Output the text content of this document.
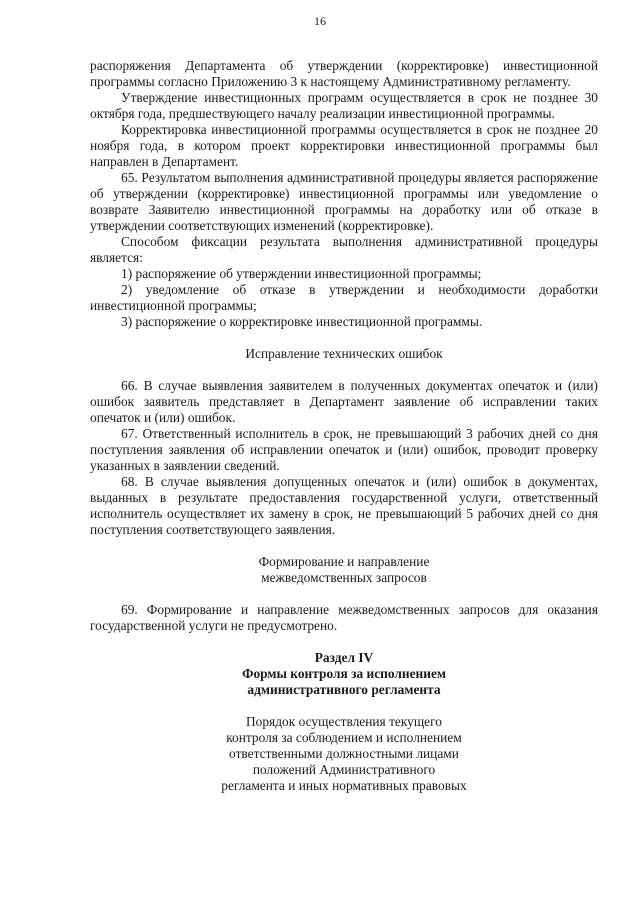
16

распоряжения Департамента об утверждении (корректировке) инвестиционной программы согласно Приложению 3 к настоящему Административному регламенту.

Утверждение инвестиционных программ осуществляется в срок не позднее 30 октября года, предшествующего началу реализации инвестиционной программы.

Корректировка инвестиционной программы осуществляется в срок не позднее 20 ноября года, в котором проект корректировки инвестиционной программы был направлен в Департамент.

65. Результатом выполнения административной процедуры является распоряжение об утверждении (корректировке) инвестиционной программы или уведомление о возврате Заявителю инвестиционной программы на доработку или об отказе в утверждении соответствующих изменений (корректировке).

Способом фиксации результата выполнения административной процедуры является:

1) распоряжение об утверждении инвестиционной программы;

2) уведомление об отказе в утверждении и необходимости доработки инвестиционной программы;

3) распоряжение о корректировке инвестиционной программы.

Исправление технических ошибок

66. В случае выявления заявителем в полученных документах опечаток и (или) ошибок заявитель представляет в Департамент заявление об исправлении таких опечаток и (или) ошибок.

67. Ответственный исполнитель в срок, не превышающий 3 рабочих дней со дня поступления заявления об исправлении опечаток и (или) ошибок, проводит проверку указанных в заявлении сведений.

68. В случае выявления допущенных опечаток и (или) ошибок в документах, выданных в результате предоставления государственной услуги, ответственный исполнитель осуществляет их замену в срок, не превышающий 5 рабочих дней со дня поступления соответствующего заявления.

Формирование и направление

межведомственных запросов

69. Формирование и направление межведомственных запросов для оказания государственной услуги не предусмотрено.

Раздел IV

Формы контроля за исполнением

административного регламента

Порядок осуществления текущего

контроля за соблюдением и исполнением

ответственными должностными лицами

положений Административного

регламента и иных нормативных правовых
